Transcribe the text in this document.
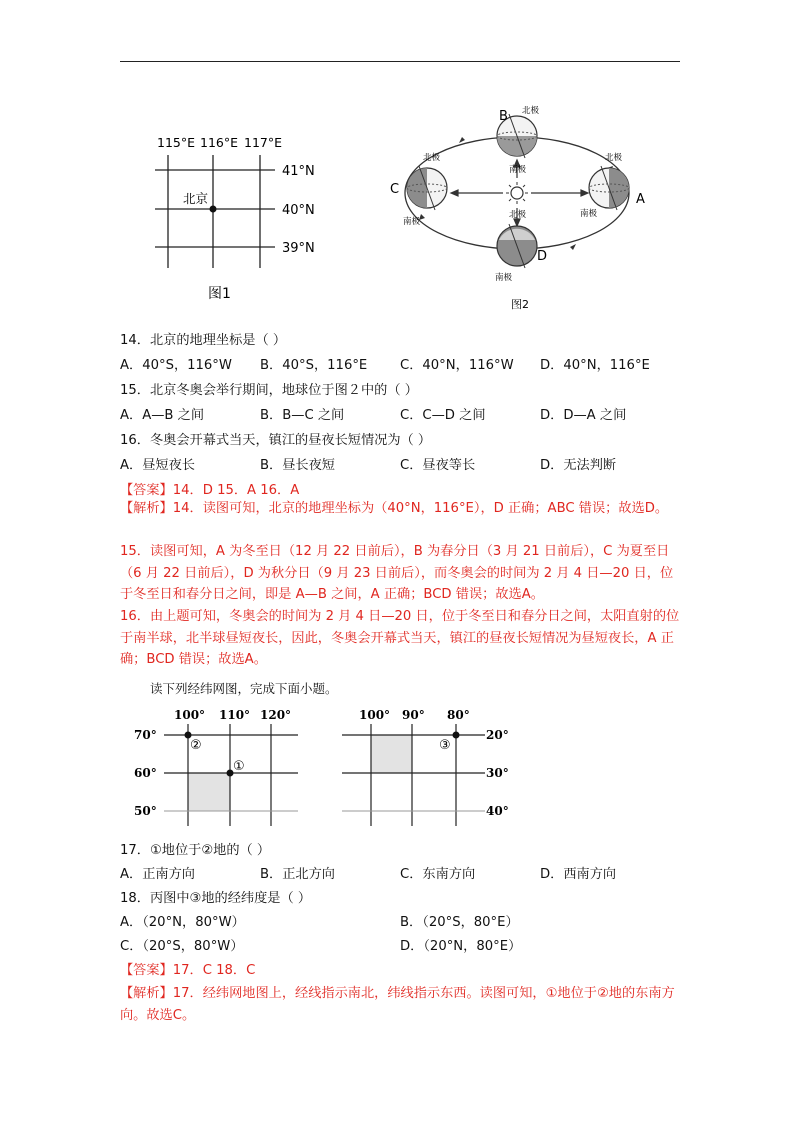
115°E 116°E 117°E
41°N
40°N
39°N
北京
图1
B 北极
南极
北极
南极
D
北极
南极
C
北极
南极
A
图2
14．北京的地理坐标是（ ）
A．40°S，116°W B．40°S，116°E C．40°N，116°W D．40°N，116°E
15．北京冬奥会举行期间，地球位于图２中的（ ）
A．A—B 之间	B．B—C 之间	C．C—D 之间	D．D—A 之间
16．冬奥会开幕式当天，镇江的昼夜长短情况为（ ）
A．昼短夜长	B．昼长夜短	C．昼夜等长	D．无法判断
【答案】14．D 15．A 16．A
【解析】14．读图可知，北京的地理坐标为（40°N，116°E），D 正确；ABC 错误；故选D。
15．读图可知，A 为冬至日（12 月 22 日前后），B 为春分日（3 月 21 日前后），C 为夏至日（6 月 22 日前后），D 为秋分日（9 月 23 日前后），而冬奥会的时间为 2 月 4 日—20 日，位于冬至日和春分日之间，即是 A—B 之间，A 正确；BCD 错误；故选A。
16．由上题可知，冬奥会的时间为 2 月 4 日—20 日，位于冬至日和春分日之间，太阳直射的位于南半球，北半球昼短夜长，因此，冬奥会开幕式当天，镇江的昼夜长短情况为昼短夜长，A 正确；BCD 错误；故选A。
读下列经纬网图，完成下面小题。
100° 110° 120°
70°
60°
50°
②
①
100° 90° 80°
20°
30°
40°
③
17．①地位于②地的（ ）
A．正南方向	B．正北方向	C．东南方向	D．西南方向
18．丙图中③地的经纬度是（ ）
A．（20°N，80°W）	B．（20°S，80°E）
C．（20°S，80°W）	D．（20°N，80°E）
【答案】17．C 18．C
【解析】17．经纬网地图上，经线指示南北，纬线指示东西。读图可知，①地位于②地的东南方向。故选C。
